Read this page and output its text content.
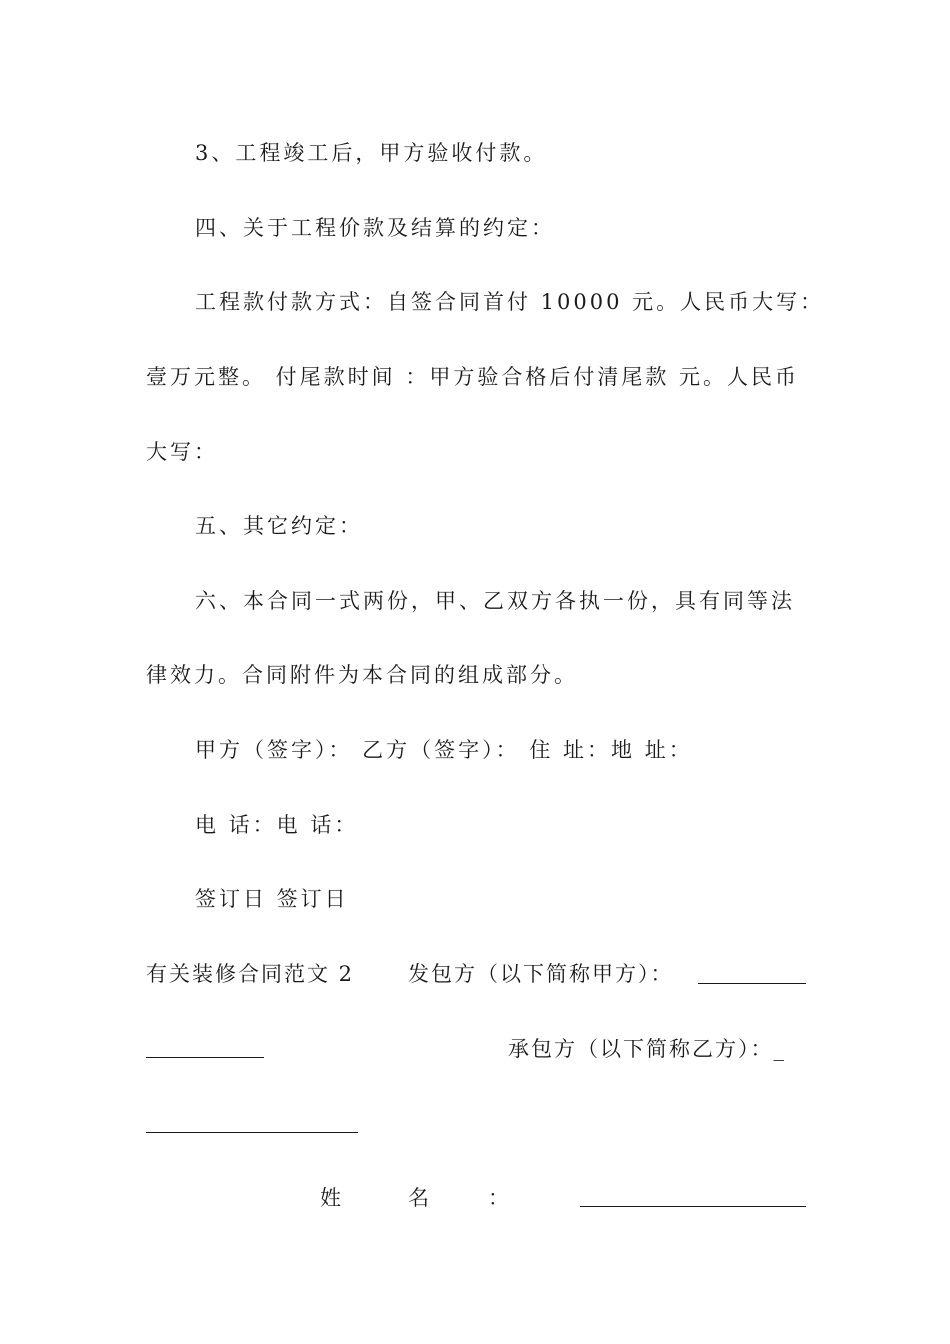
3、工程竣工后，甲方验收付款。
四、关于工程价款及结算的约定：
工程款付款方式：自签合同首付 10000 元。人民币大写：
壹万元整。 付尾款时间 ：甲方验合格后付清尾款 元。人民币
大写：
五、其它约定：
六、本合同一式两份，甲、乙双方各执一份，具有同等法
律效力。合同附件为本合同的组成部分。
甲方（签字）： 乙方（签字）： 住 址：地 址：
电 话：电 话：
签订日 签订日
有关装修合同范文 2	发包方（以下简称甲方）：
承包方（以下简称乙方）：_
姓	名	：
